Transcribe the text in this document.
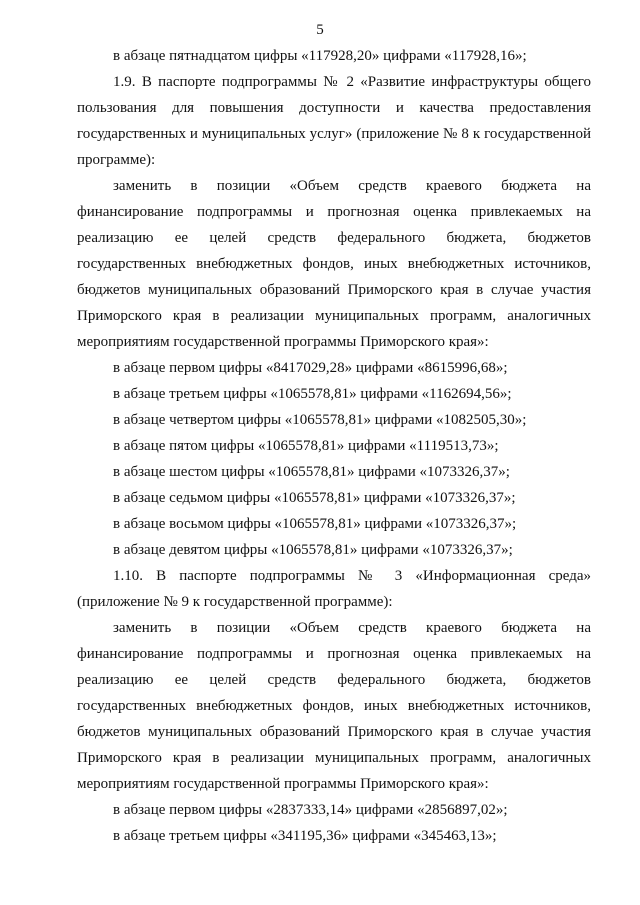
5

в абзаце пятнадцатом цифры «117928,20» цифрами «117928,16»;

1.9. В паспорте подпрограммы № 2 «Развитие инфраструктуры общего пользования для повышения доступности и качества предоставления государственных и муниципальных услуг» (приложение № 8 к государственной программе):

заменить в позиции «Объем средств краевого бюджета на финансирование подпрограммы и прогнозная оценка привлекаемых на реализацию ее целей средств федерального бюджета, бюджетов государственных внебюджетных фондов, иных внебюджетных источников, бюджетов муниципальных образований Приморского края в случае участия Приморского края в реализации муниципальных программ, аналогичных мероприятиям государственной программы Приморского края»:

в абзаце первом цифры «8417029,28» цифрами «8615996,68»;

в абзаце третьем цифры «1065578,81» цифрами «1162694,56»;

в абзаце четвертом цифры «1065578,81» цифрами «1082505,30»;

в абзаце пятом цифры «1065578,81» цифрами «1119513,73»;

в абзаце шестом цифры «1065578,81» цифрами «1073326,37»;

в абзаце седьмом цифры «1065578,81» цифрами «1073326,37»;

в абзаце восьмом цифры «1065578,81» цифрами «1073326,37»;

в абзаце девятом цифры «1065578,81» цифрами «1073326,37»;

1.10. В паспорте подпрограммы № 3 «Информационная среда» (приложение № 9 к государственной программе):

заменить в позиции «Объем средств краевого бюджета на финансирование подпрограммы и прогнозная оценка привлекаемых на реализацию ее целей средств федерального бюджета, бюджетов государственных внебюджетных фондов, иных внебюджетных источников, бюджетов муниципальных образований Приморского края в случае участия Приморского края в реализации муниципальных программ, аналогичных мероприятиям государственной программы Приморского края»:

в абзаце первом цифры «2837333,14» цифрами «2856897,02»;

в абзаце третьем цифры «341195,36» цифрами «345463,13»;
